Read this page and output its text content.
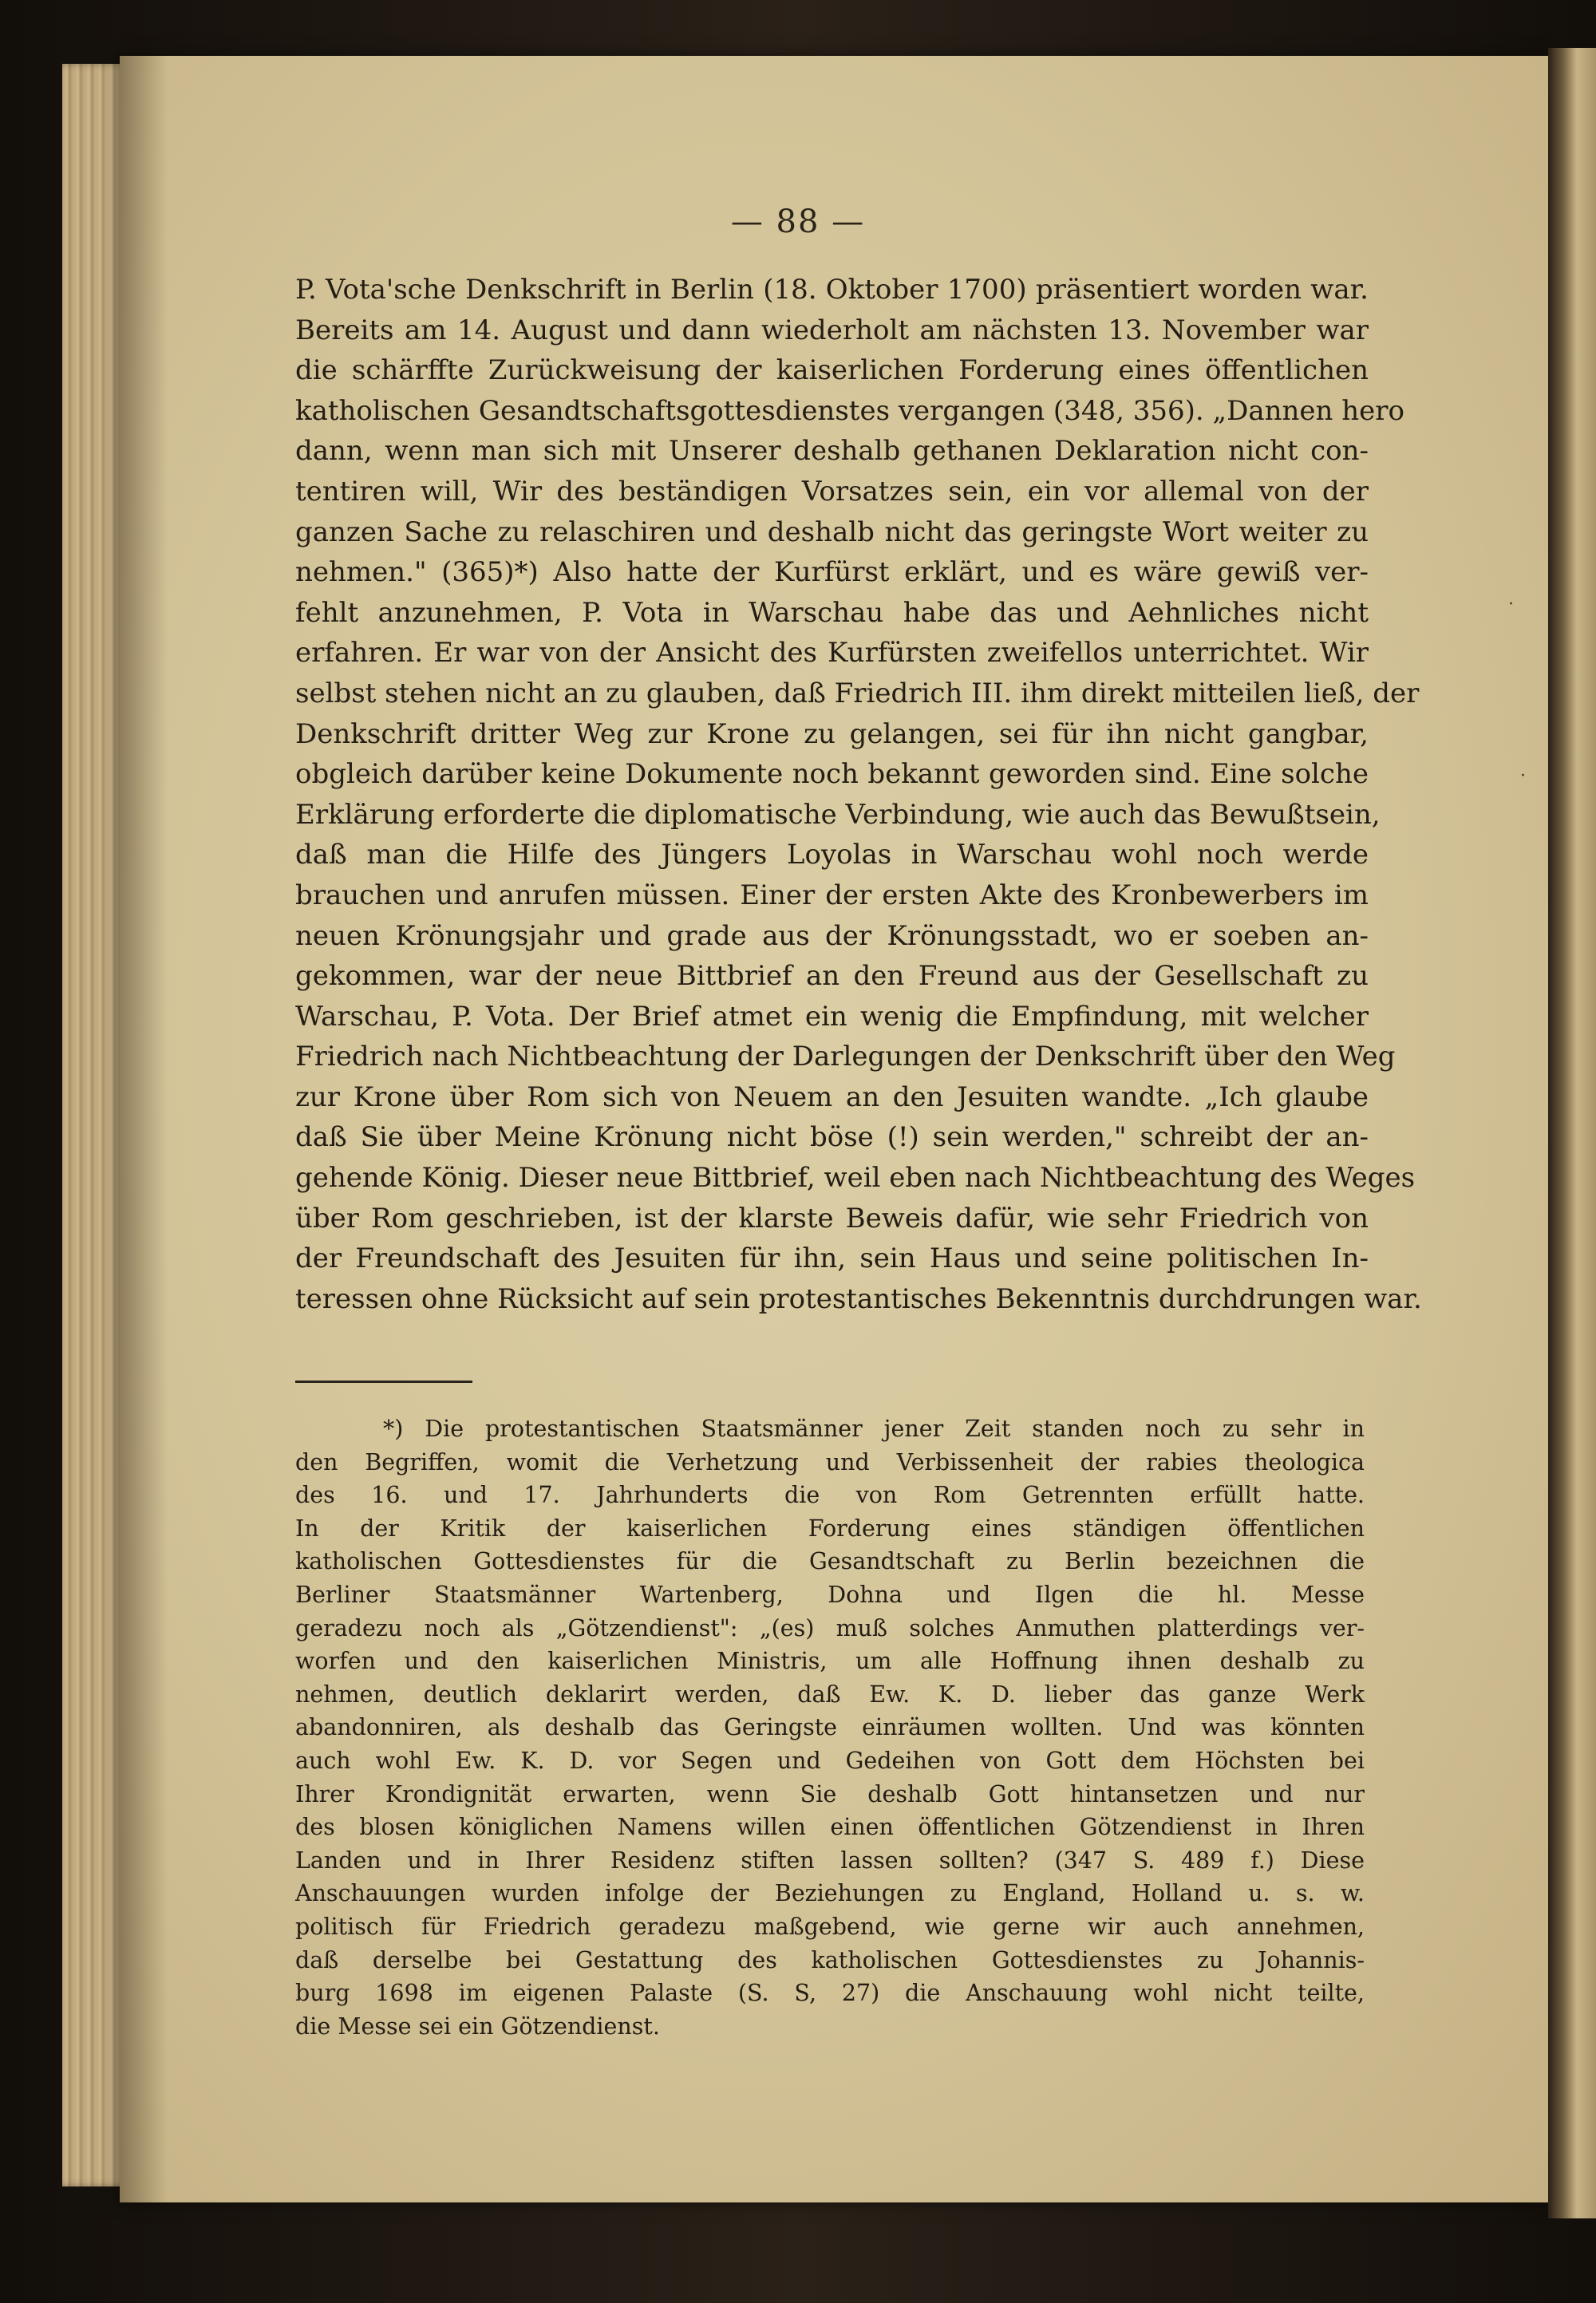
— 88 —
P. Vota'sche Denkschrift in Berlin (18. Oktober 1700) präsentiert worden war.
Bereits am 14. August und dann wiederholt am nächsten 13. November war
die schärffte Zurückweisung der kaiserlichen Forderung eines öffentlichen
katholischen Gesandtschaftsgottesdienstes vergangen (348, 356). „Dannen hero
dann, wenn man sich mit Unserer deshalb gethanen Deklaration nicht con-
tentiren will, Wir des beständigen Vorsatzes sein, ein vor allemal von der
ganzen Sache zu relaschiren und deshalb nicht das geringste Wort weiter zu
nehmen." (365)*) Also hatte der Kurfürst erklärt, und es wäre gewiß ver-
fehlt anzunehmen, P. Vota in Warschau habe das und Aehnliches nicht
erfahren. Er war von der Ansicht des Kurfürsten zweifellos unterrichtet. Wir
selbst stehen nicht an zu glauben, daß Friedrich III. ihm direkt mitteilen ließ, der
Denkschrift dritter Weg zur Krone zu gelangen, sei für ihn nicht gangbar,
obgleich darüber keine Dokumente noch bekannt geworden sind. Eine solche
Erklärung erforderte die diplomatische Verbindung, wie auch das Bewußtsein,
daß man die Hilfe des Jüngers Loyolas in Warschau wohl noch werde
brauchen und anrufen müssen. Einer der ersten Akte des Kronbewerbers im
neuen Krönungsjahr und grade aus der Krönungsstadt, wo er soeben an-
gekommen, war der neue Bittbrief an den Freund aus der Gesellschaft zu
Warschau, P. Vota. Der Brief atmet ein wenig die Empfindung, mit welcher
Friedrich nach Nichtbeachtung der Darlegungen der Denkschrift über den Weg
zur Krone über Rom sich von Neuem an den Jesuiten wandte. „Ich glaube
daß Sie über Meine Krönung nicht böse (!) sein werden," schreibt der an-
gehende König. Dieser neue Bittbrief, weil eben nach Nichtbeachtung des Weges
über Rom geschrieben, ist der klarste Beweis dafür, wie sehr Friedrich von
der Freundschaft des Jesuiten für ihn, sein Haus und seine politischen In-
teressen ohne Rücksicht auf sein protestantisches Bekenntnis durchdrungen war.
*) Die protestantischen Staatsmänner jener Zeit standen noch zu sehr in
den Begriffen, womit die Verhetzung und Verbissenheit der rabies theologica
des 16. und 17. Jahrhunderts die von Rom Getrennten erfüllt hatte.
In der Kritik der kaiserlichen Forderung eines ständigen öffentlichen
katholischen Gottesdienstes für die Gesandtschaft zu Berlin bezeichnen die
Berliner Staatsmänner Wartenberg, Dohna und Ilgen die hl. Messe
geradezu noch als „Götzendienst": „(es) muß solches Anmuthen platterdings ver-
worfen und den kaiserlichen Ministris, um alle Hoffnung ihnen deshalb zu
nehmen, deutlich deklarirt werden, daß Ew. K. D. lieber das ganze Werk
abandonniren, als deshalb das Geringste einräumen wollten. Und was könnten
auch wohl Ew. K. D. vor Segen und Gedeihen von Gott dem Höchsten bei
Ihrer Krondignität erwarten, wenn Sie deshalb Gott hintansetzen und nur
des blosen königlichen Namens willen einen öffentlichen Götzendienst in Ihren
Landen und in Ihrer Residenz stiften lassen sollten? (347 S. 489 f.) Diese
Anschauungen wurden infolge der Beziehungen zu England, Holland u. s. w.
politisch für Friedrich geradezu maßgebend, wie gerne wir auch annehmen,
daß derselbe bei Gestattung des katholischen Gottesdienstes zu Johannis-
burg 1698 im eigenen Palaste (S. S, 27) die Anschauung wohl nicht teilte,
die Messe sei ein Götzendienst.
·
·
